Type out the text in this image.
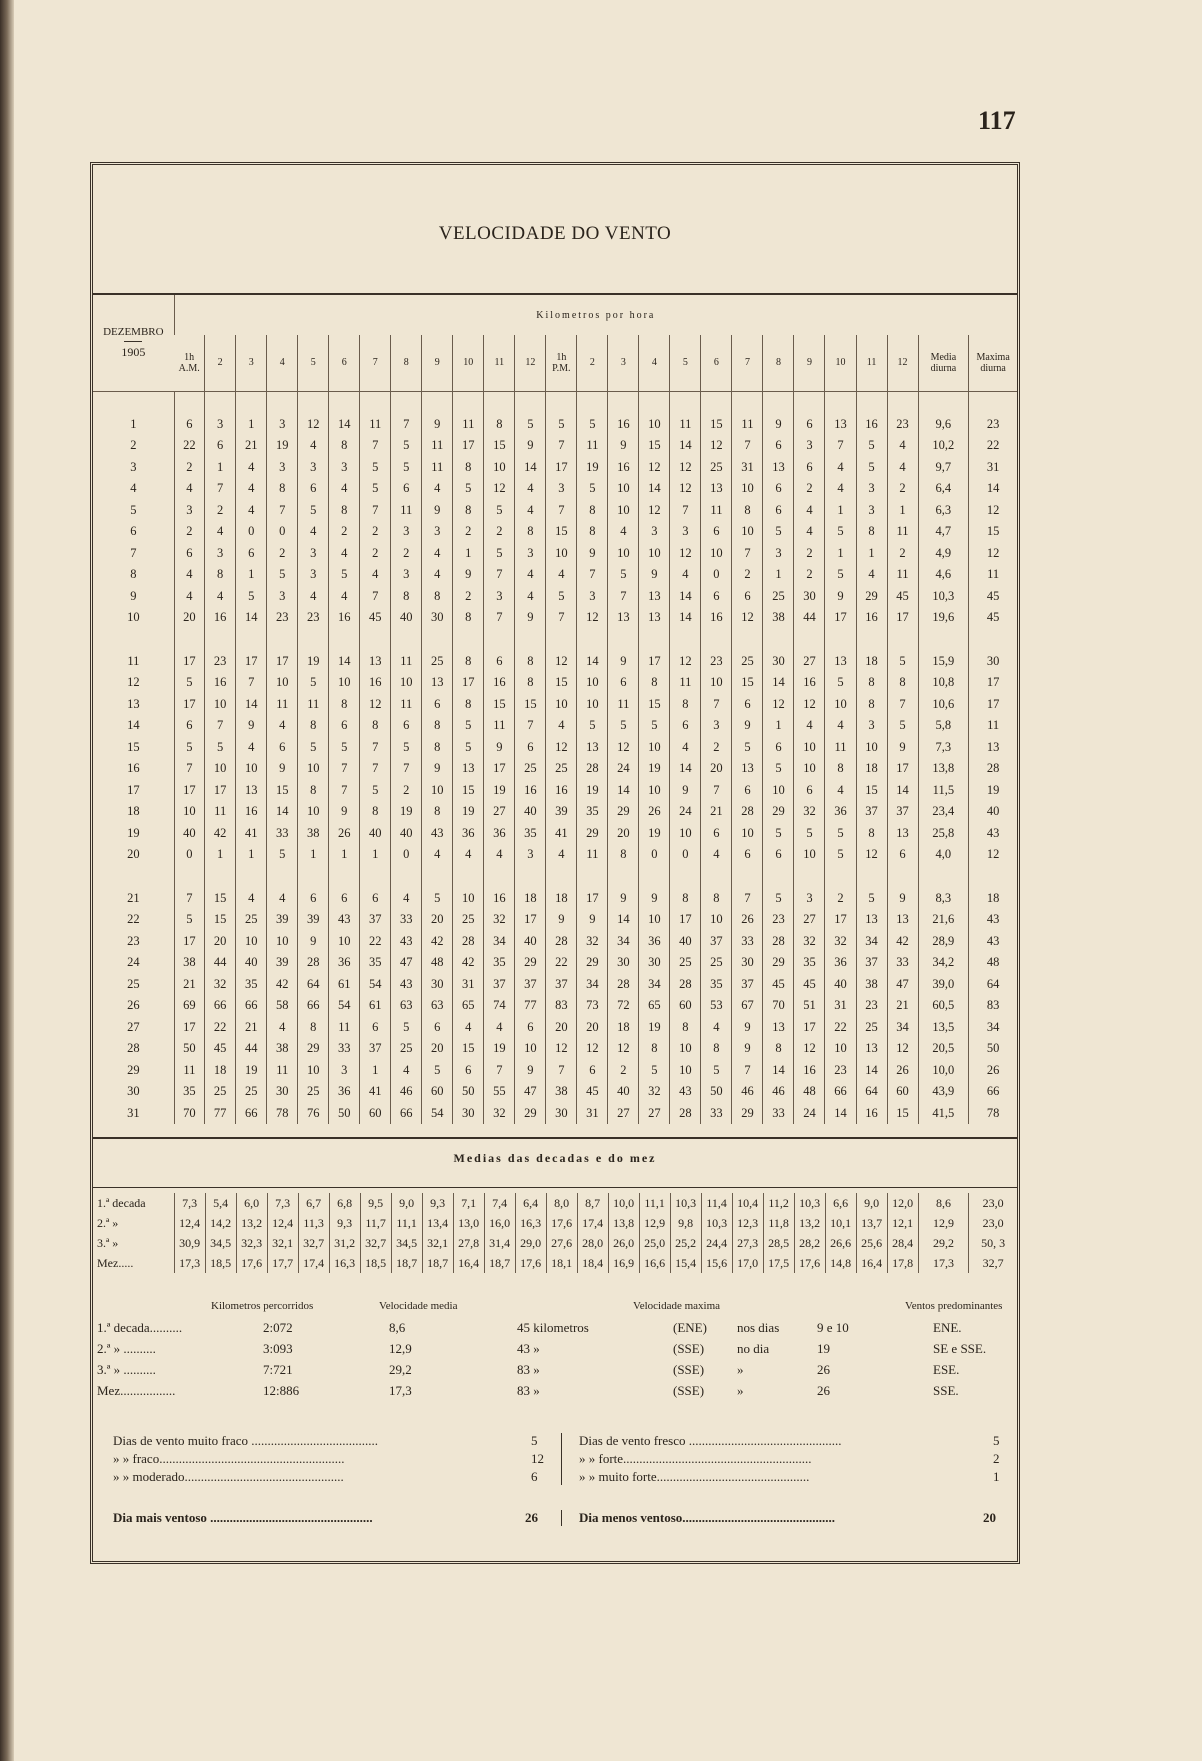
117
VELOCIDADE DO VENTO
DEZEMBRO
1905	Kilometros por hora																									
	1h A.M.	2	3	4	5	6	7	8	9	10	11	12	1h P.M.	2	3	4	5	6	7	8	9	10	11	12	Media diurna	Maxima diurna

1	6	3	1	3	12	14	11	7	9	11	8	5	5	5	16	10	11	15	11	9	6	13	16	23	9,6	23
2	22	6	21	19	4	8	7	5	11	17	15	9	7	11	9	15	14	12	7	6	3	7	5	4	10,2	22
3	2	1	4	3	3	3	5	5	11	8	10	14	17	19	16	12	12	25	31	13	6	4	5	4	9,7	31
4	4	7	4	8	6	4	5	6	4	5	12	4	3	5	10	14	12	13	10	6	2	4	3	2	6,4	14
5	3	2	4	7	5	8	7	11	9	8	5	4	7	8	10	12	7	11	8	6	4	1	3	1	6,3	12
6	2	4	0	0	4	2	2	3	3	2	2	8	15	8	4	3	3	6	10	5	4	5	8	11	4,7	15
7	6	3	6	2	3	4	2	2	4	1	5	3	10	9	10	10	12	10	7	3	2	1	1	2	4,9	12
8	4	8	1	5	3	5	4	3	4	9	7	4	4	7	5	9	4	0	2	1	2	5	4	11	4,6	11
9	4	4	5	3	4	4	7	8	8	2	3	4	5	3	7	13	14	6	6	25	30	9	29	45	10,3	45
10	20	16	14	23	23	16	45	40	30	8	7	9	7	12	13	13	14	16	12	38	44	17	16	17	19,6	45

11	17	23	17	17	19	14	13	11	25	8	6	8	12	14	9	17	12	23	25	30	27	13	18	5	15,9	30
12	5	16	7	10	5	10	16	10	13	17	16	8	15	10	6	8	11	10	15	14	16	5	8	8	10,8	17
13	17	10	14	11	11	8	12	11	6	8	15	15	10	10	11	15	8	7	6	12	12	10	8	7	10,6	17
14	6	7	9	4	8	6	8	6	8	5	11	7	4	5	5	5	6	3	9	1	4	4	3	5	5,8	11
15	5	5	4	6	5	5	7	5	8	5	9	6	12	13	12	10	4	2	5	6	10	11	10	9	7,3	13
16	7	10	10	9	10	7	7	7	9	13	17	25	25	28	24	19	14	20	13	5	10	8	18	17	13,8	28
17	17	17	13	15	8	7	5	2	10	15	19	16	16	19	14	10	9	7	6	10	6	4	15	14	11,5	19
18	10	11	16	14	10	9	8	19	8	19	27	40	39	35	29	26	24	21	28	29	32	36	37	37	23,4	40
19	40	42	41	33	38	26	40	40	43	36	36	35	41	29	20	19	10	6	10	5	5	5	8	13	25,8	43
20	0	1	1	5	1	1	1	0	4	4	4	3	4	11	8	0	0	4	6	6	10	5	12	6	4,0	12

21	7	15	4	4	6	6	6	4	5	10	16	18	18	17	9	9	8	8	7	5	3	2	5	9	8,3	18
22	5	15	25	39	39	43	37	33	20	25	32	17	9	9	14	10	17	10	26	23	27	17	13	13	21,6	43
23	17	20	10	10	9	10	22	43	42	28	34	40	28	32	34	36	40	37	33	28	32	32	34	42	28,9	43
24	38	44	40	39	28	36	35	47	48	42	35	29	22	29	30	30	25	25	30	29	35	36	37	33	34,2	48
25	21	32	35	42	64	61	54	43	30	31	37	37	37	34	28	34	28	35	37	45	45	40	38	47	39,0	64
26	69	66	66	58	66	54	61	63	63	65	74	77	83	73	72	65	60	53	67	70	51	31	23	21	60,5	83
27	17	22	21	4	8	11	6	5	6	4	4	6	20	20	18	19	8	4	9	13	17	22	25	34	13,5	34
28	50	45	44	38	29	33	37	25	20	15	19	10	12	12	12	8	10	8	9	8	12	10	13	12	20,5	50
29	11	18	19	11	10	3	1	4	5	6	7	9	7	6	2	5	10	5	7	14	16	23	14	26	10,0	26
30	35	25	25	30	25	36	41	46	60	50	55	47	38	45	40	32	43	50	46	46	48	66	64	60	43,9	66
31	70	77	66	78	76	50	60	66	54	30	32	29	30	31	27	27	28	33	29	33	24	14	16	15	41,5	78
Medias das decadas e do mez
1.ª decada	7,3	5,4	6,0	7,3	6,7	6,8	9,5	9,0	9,3	7,1	7,4	6,4	8,0	8,7	10,0	11,1	10,3	11,4	10,4	11,2	10,3	6,6	9,0	12,0	8,6	23,0
2.ª »	12,4	14,2	13,2	12,4	11,3	9,3	11,7	11,1	13,4	13,0	16,0	16,3	17,6	17,4	13,8	12,9	9,8	10,3	12,3	11,8	13,2	10,1	13,7	12,1	12,9	23,0
3.ª »	30,9	34,5	32,3	32,1	32,7	31,2	32,7	34,5	32,1	27,8	31,4	29,0	27,6	28,0	26,0	25,0	25,2	24,4	27,3	28,5	28,2	26,6	25,6	28,4	29,2	50, 3
Mez.....	17,3	18,5	17,6	17,7	17,4	16,3	18,5	18,7	18,7	16,4	18,7	17,6	18,1	18,4	16,9	16,6	15,4	15,6	17,0	17,5	17,6	14,8	16,4	17,8	17,3	32,7
Kilometros percorridos	Velocidade media	Velocidade maxima	Ventos predominantes
1.ª decada..........	2:072	8,6	45 kilometros	(ENE) nos dias	9 e 10	ENE.
2.ª » ..........	3:093	12,9	43 »	(SSE)	no dia	19	SE e SSE.
3.ª » ..........	7:721	29,2	83 »	(SSE)	»	26	ESE.
Mez.................	12:886	17,3	83 »	(SSE)	»	26	SSE.
Dias de vento muito fraco .......................................	5
» » fraco.........................................................	12
» » moderado.................................................	6
Dias de vento fresco ...............................................	5
» » forte..........................................................	2
» » muito forte...............................................	1
Dia mais ventoso ..................................................	26	Dia menos ventoso...............................................	20
